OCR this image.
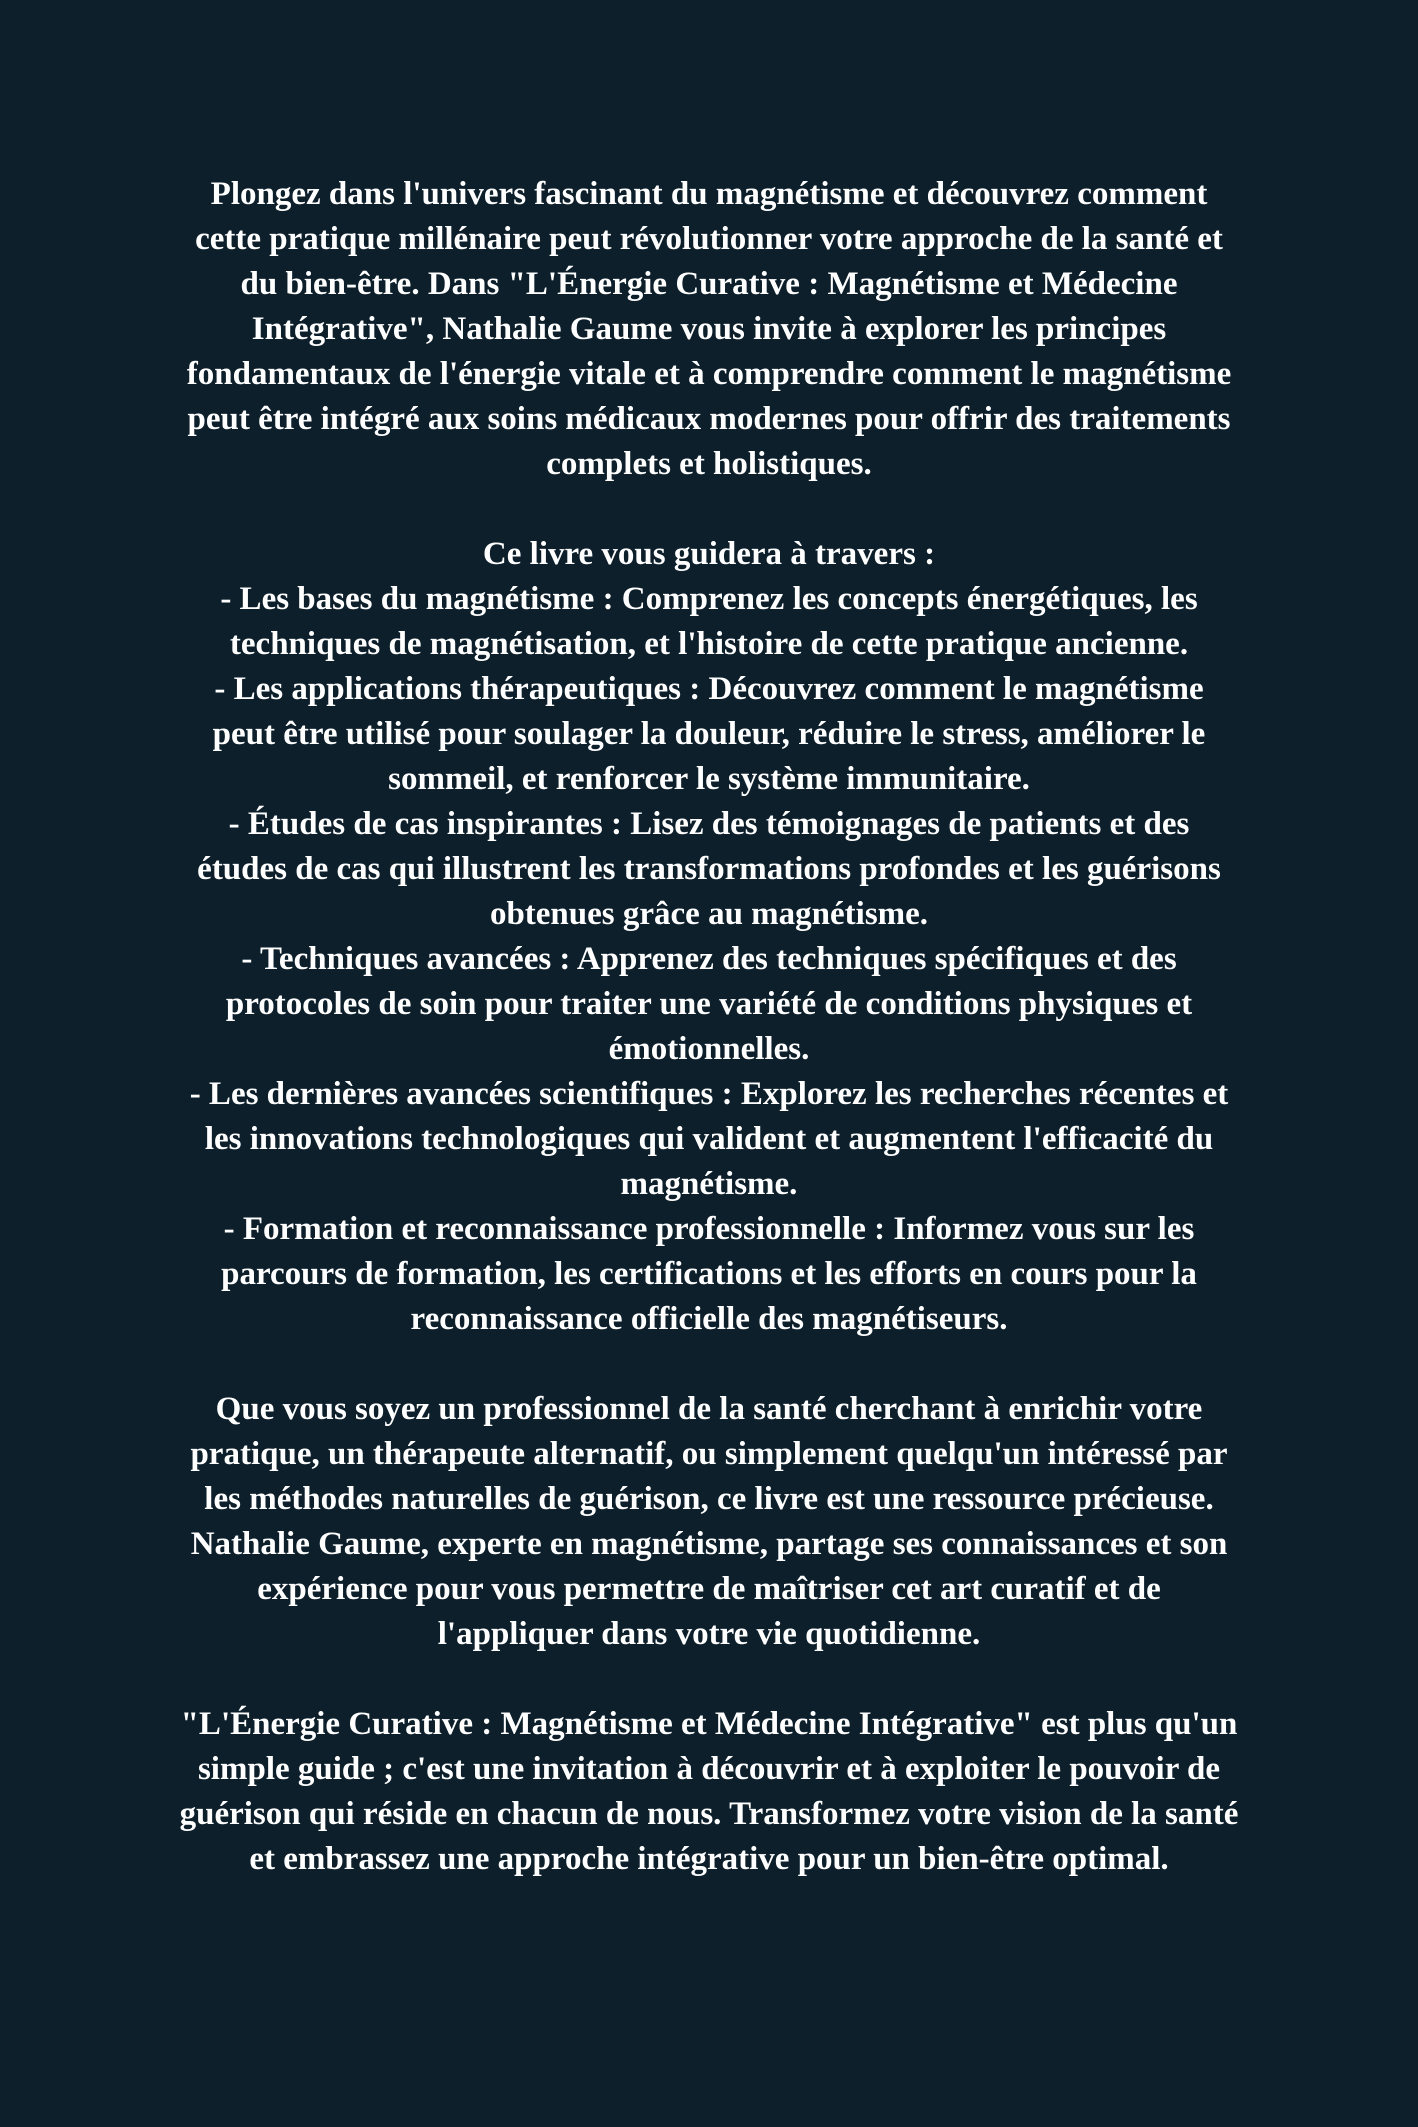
Plongez dans l'univers fascinant du magnétisme et découvrez comment
cette pratique millénaire peut révolutionner votre approche de la santé et
du bien-être. Dans "L'Énergie Curative : Magnétisme et Médecine
Intégrative", Nathalie Gaume vous invite à explorer les principes
fondamentaux de l'énergie vitale et à comprendre comment le magnétisme
peut être intégré aux soins médicaux modernes pour offrir des traitements
complets et holistiques.

Ce livre vous guidera à travers :
- Les bases du magnétisme : Comprenez les concepts énergétiques, les
techniques de magnétisation, et l'histoire de cette pratique ancienne.
- Les applications thérapeutiques : Découvrez comment le magnétisme
peut être utilisé pour soulager la douleur, réduire le stress, améliorer le
sommeil, et renforcer le système immunitaire.
- Études de cas inspirantes : Lisez des témoignages de patients et des
études de cas qui illustrent les transformations profondes et les guérisons
obtenues grâce au magnétisme.
- Techniques avancées : Apprenez des techniques spécifiques et des
protocoles de soin pour traiter une variété de conditions physiques et
émotionnelles.
- Les dernières avancées scientifiques : Explorez les recherches récentes et
les innovations technologiques qui valident et augmentent l'efficacité du
magnétisme.
- Formation et reconnaissance professionnelle : Informez vous sur les
parcours de formation, les certifications et les efforts en cours pour la
reconnaissance officielle des magnétiseurs.

Que vous soyez un professionnel de la santé cherchant à enrichir votre
pratique, un thérapeute alternatif, ou simplement quelqu'un intéressé par
les méthodes naturelles de guérison, ce livre est une ressource précieuse.
Nathalie Gaume, experte en magnétisme, partage ses connaissances et son
expérience pour vous permettre de maîtriser cet art curatif et de
l'appliquer dans votre vie quotidienne.

"L'Énergie Curative : Magnétisme et Médecine Intégrative" est plus qu'un
simple guide ; c'est une invitation à découvrir et à exploiter le pouvoir de
guérison qui réside en chacun de nous. Transformez votre vision de la santé
et embrassez une approche intégrative pour un bien-être optimal.
